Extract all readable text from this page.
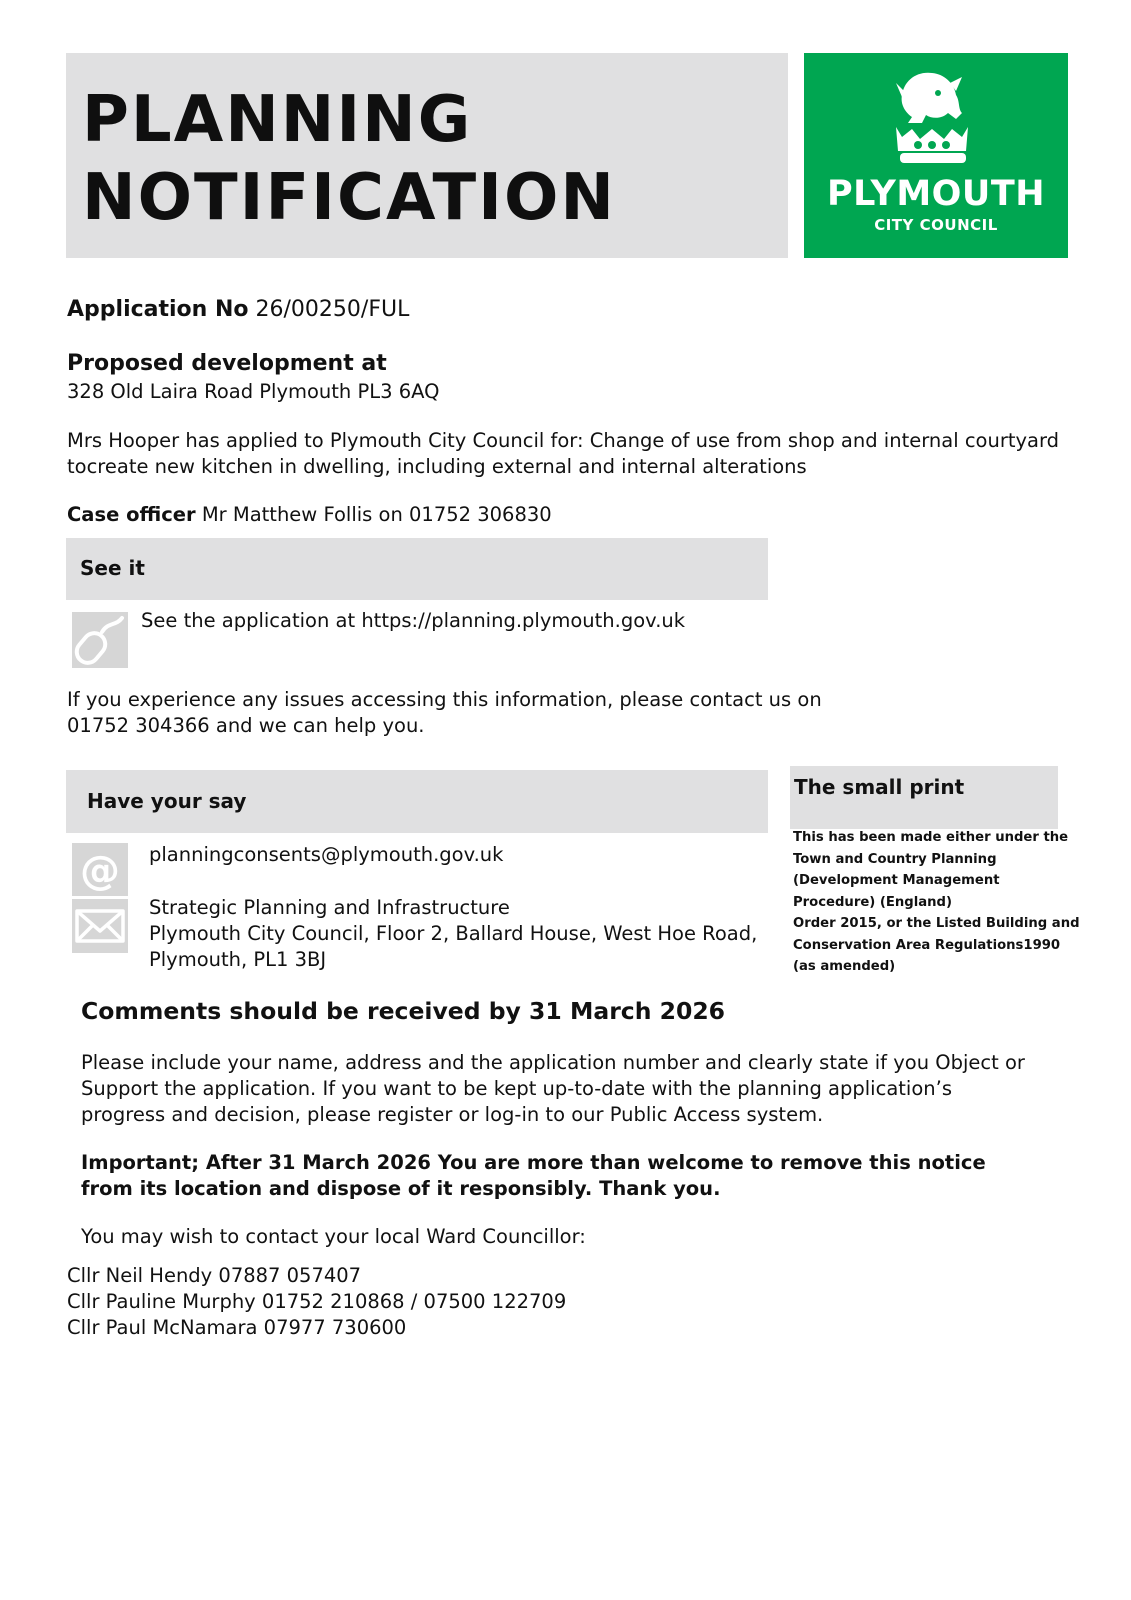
PLANNING
NOTIFICATION	PLYMOUTH
CITY COUNCIL
Application No 26/00250/FUL
Proposed development at
328 Old Laira Road Plymouth PL3 6AQ
Mrs Hooper has applied to Plymouth City Council for: Change of use from shop and internal courtyard
tocreate new kitchen in dwelling, including external and internal alterations
Case officer Mr Matthew Follis on 01752 306830
See it
See the application at https://planning.plymouth.gov.uk
If you experience any issues accessing this information, please contact us on
01752 304366 and we can help you.
Have your say
@ planningconsents@plymouth.gov.uk
Strategic Planning and Infrastructure
Plymouth City Council, Floor 2, Ballard House, West Hoe Road,
Plymouth, PL1 3BJ
The small print
This has been made either under the
Town and Country Planning
(Development Management
Procedure) (England)
Order 2015, or the Listed Building and
Conservation Area Regulations1990
(as amended)
Comments should be received by 31 March 2026
Please include your name, address and the application number and clearly state if you Object or
Support the application. If you want to be kept up-to-date with the planning application’s
progress and decision, please register or log-in to our Public Access system.
Important; After 31 March 2026 You are more than welcome to remove this notice
from its location and dispose of it responsibly. Thank you.
You may wish to contact your local Ward Councillor:
Cllr Neil Hendy 07887 057407
Cllr Pauline Murphy 01752 210868 / 07500 122709
Cllr Paul McNamara 07977 730600
